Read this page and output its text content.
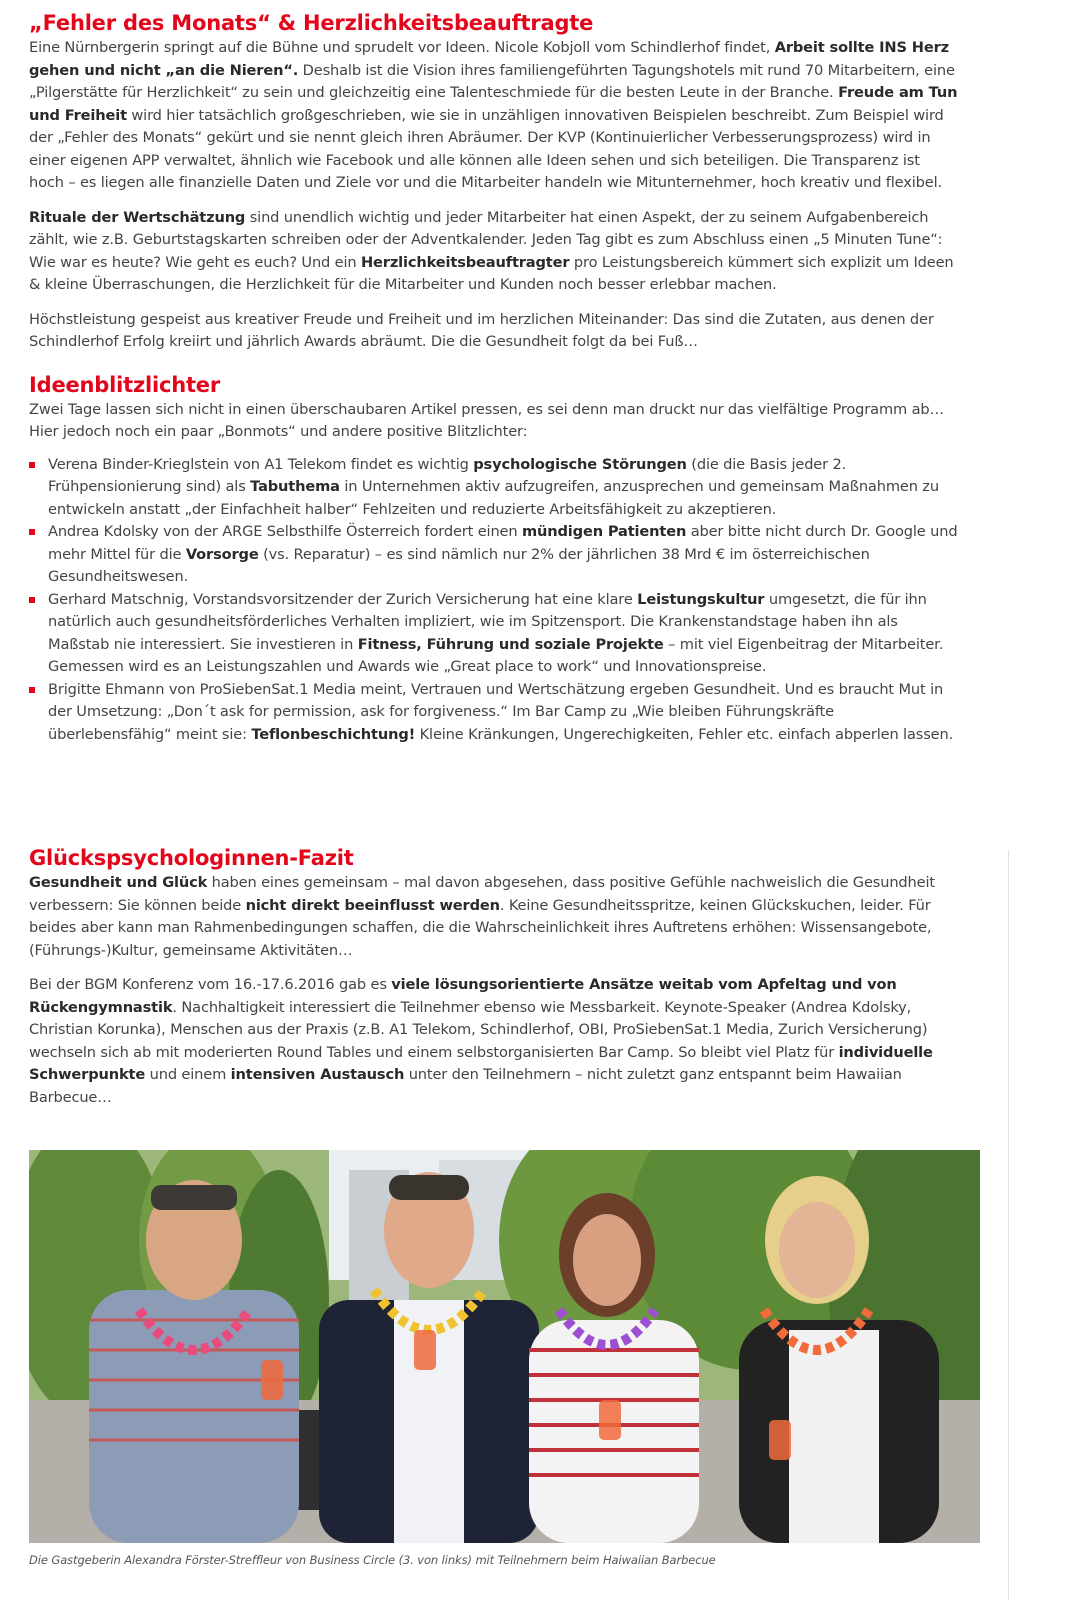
„Fehler des Monats“ & Herzlichkeitsbeauftragte

Eine Nürnbergerin springt auf die Bühne und sprudelt vor Ideen. Nicole Kobjoll vom Schindlerhof findet, Arbeit sollte INS Herz gehen und nicht „an die Nieren“. Deshalb ist die Vision ihres familiengeführten Tagungshotels mit rund 70 Mitarbeitern, eine „Pilgerstätte für Herzlichkeit“ zu sein und gleichzeitig eine Talenteschmiede für die besten Leute in der Branche. Freude am Tun und Freiheit wird hier tatsächlich großgeschrieben, wie sie in unzähligen innovativen Beispielen beschreibt. Zum Beispiel wird der „Fehler des Monats“ gekürt und sie nennt gleich ihren Abräumer. Der KVP (Kontinuierlicher Verbesserungsprozess) wird in einer eigenen APP verwaltet, ähnlich wie Facebook und alle können alle Ideen sehen und sich beteiligen. Die Transparenz ist hoch – es liegen alle finanzielle Daten und Ziele vor und die Mitarbeiter handeln wie Mitunternehmer, hoch kreativ und flexibel.

Rituale der Wertschätzung sind unendlich wichtig und jeder Mitarbeiter hat einen Aspekt, der zu seinem Aufgabenbereich zählt, wie z.B. Geburtstagskarten schreiben oder der Adventkalender. Jeden Tag gibt es zum Abschluss einen „5 Minuten Tune“: Wie war es heute? Wie geht es euch? Und ein Herzlichkeitsbeauftragter pro Leistungsbereich kümmert sich explizit um Ideen & kleine Überraschungen, die Herzlichkeit für die Mitarbeiter und Kunden noch besser erlebbar machen.

Höchstleistung gespeist aus kreativer Freude und Freiheit und im herzlichen Miteinander: Das sind die Zutaten, aus denen der Schindlerhof Erfolg kreiirt und jährlich Awards abräumt. Die die Gesundheit folgt da bei Fuß…

Ideenblitzlichter

Zwei Tage lassen sich nicht in einen überschaubaren Artikel pressen, es sei denn man druckt nur das vielfältige Programm ab… Hier jedoch noch ein paar „Bonmots“ und andere positive Blitzlichter:

Verena Binder-Krieglstein von A1 Telekom findet es wichtig psychologische Störungen (die die Basis jeder 2. Frühpensionierung sind) als Tabuthema in Unternehmen aktiv aufzugreifen, anzusprechen und gemeinsam Maßnahmen zu entwickeln anstatt „der Einfachheit halber“ Fehlzeiten und reduzierte Arbeitsfähigkeit zu akzeptieren.
Andrea Kdolsky von der ARGE Selbsthilfe Österreich fordert einen mündigen Patienten aber bitte nicht durch Dr. Google und mehr Mittel für die Vorsorge (vs. Reparatur) – es sind nämlich nur 2% der jährlichen 38 Mrd € im österreichischen Gesundheitswesen.
Gerhard Matschnig, Vorstandsvorsitzender der Zurich Versicherung hat eine klare Leistungskultur umgesetzt, die für ihn natürlich auch gesundheitsförderliches Verhalten impliziert, wie im Spitzensport. Die Krankenstandstage haben ihn als Maßstab nie interessiert. Sie investieren in Fitness, Führung und soziale Projekte – mit viel Eigenbeitrag der Mitarbeiter. Gemessen wird es an Leistungszahlen und Awards wie „Great place to work“ und Innovationspreise.
Brigitte Ehmann von ProSiebenSat.1 Media meint, Vertrauen und Wertschätzung ergeben Gesundheit. Und es braucht Mut in der Umsetzung: „Don´t ask for permission, ask for forgiveness.“ Im Bar Camp zu „Wie bleiben Führungskräfte überlebensfähig“ meint sie: Teflonbeschichtung! Kleine Kränkungen, Ungerechigkeiten, Fehler etc. einfach abperlen lassen.
Glückspsychologinnen-Fazit

Gesundheit und Glück haben eines gemeinsam – mal davon abgesehen, dass positive Gefühle nachweislich die Gesundheit verbessern: Sie können beide nicht direkt beeinflusst werden. Keine Gesundheitsspritze, keinen Glückskuchen, leider. Für beides aber kann man Rahmenbedingungen schaffen, die die Wahrscheinlichkeit ihres Auftretens erhöhen: Wissensangebote, (Führungs-)Kultur, gemeinsame Aktivitäten…

Bei der BGM Konferenz vom 16.-17.6.2016 gab es viele lösungsorientierte Ansätze weitab vom Apfeltag und von Rückengymnastik. Nachhaltigkeit interessiert die Teilnehmer ebenso wie Messbarkeit. Keynote-Speaker (Andrea Kdolsky, Christian Korunka), Menschen aus der Praxis (z.B. A1 Telekom, Schindlerhof, OBI, ProSiebenSat.1 Media, Zurich Versicherung) wechseln sich ab mit moderierten Round Tables und einem selbstorganisierten Bar Camp. So bleibt viel Platz für individuelle Schwerpunkte und einem intensiven Austausch unter den Teilnehmern – nicht zuletzt ganz entspannt beim Hawaiian Barbecue…

Die Gastgeberin Alexandra Förster-Streffleur von Business Circle (3. von links) mit Teilnehmern beim Haiwaiian Barbecue
